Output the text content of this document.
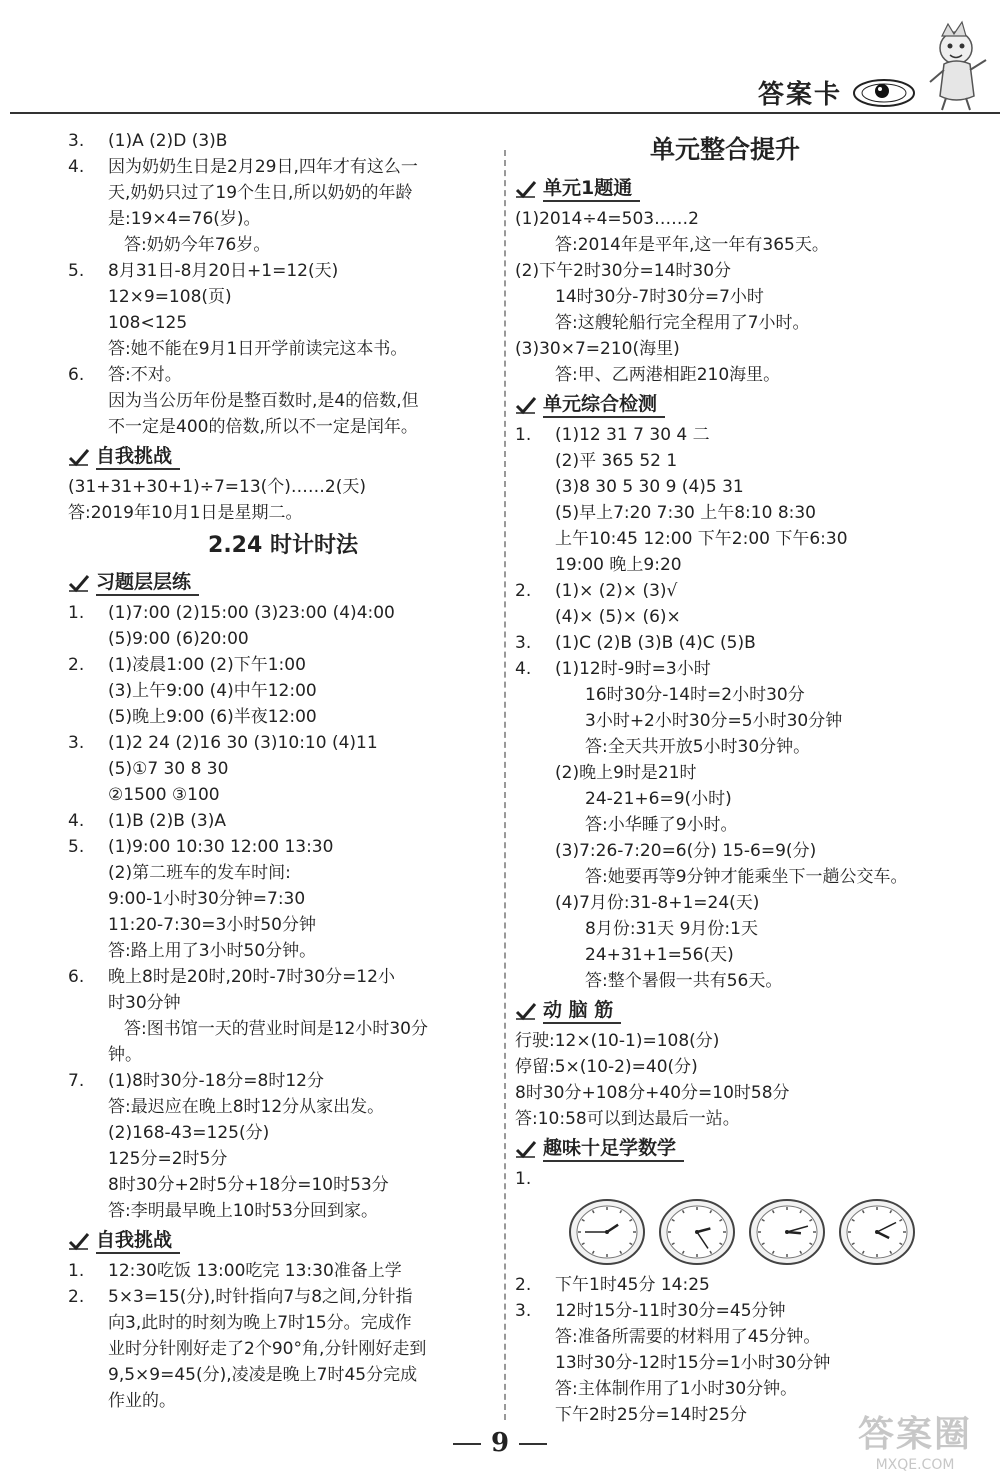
答案卡
3. (1)A (2)D (3)B
4. 因为奶奶生日是2月29日,四年才有这么一
天,奶奶只过了19个生日,所以奶奶的年龄
是:19×4=76(岁)。
答:奶奶今年76岁。
5. 8月31日-8月20日+1=12(天)
12×9=108(页)
108<125
答:她不能在9月1日开学前读完这本书。
6. 答:不对。
因为当公历年份是整百数时,是4的倍数,但
不一定是400的倍数,所以不一定是闰年。
自我挑战
(31+31+30+1)÷7=13(个)……2(天)
答:2019年10月1日是星期二。
2.24 时计时法
习题层层练
1. (1)7:00 (2)15:00 (3)23:00 (4)4:00
(5)9:00 (6)20:00
2. (1)凌晨1:00 (2)下午1:00
(3)上午9:00 (4)中午12:00
(5)晚上9:00 (6)半夜12:00
3. (1)2 24 (2)16 30 (3)10:10 (4)11
(5)①7 30 8 30
②1500 ③100
4. (1)B (2)B (3)A
5. (1)9:00 10:30 12:00 13:30
(2)第二班车的发车时间:
9:00-1小时30分钟=7:30
11:20-7:30=3小时50分钟
答:路上用了3小时50分钟。
6. 晚上8时是20时,20时-7时30分=12小
时30分钟
答:图书馆一天的营业时间是12小时30分
钟。
7. (1)8时30分-18分=8时12分
答:最迟应在晚上8时12分从家出发。
(2)168-43=125(分)
125分=2时5分
8时30分+2时5分+18分=10时53分
答:李明最早晚上10时53分回到家。
自我挑战
1. 12:30吃饭 13:00吃完 13:30准备上学
2. 5×3=15(分),时针指向7与8之间,分针指
向3,此时的时刻为晚上7时15分。完成作
业时分针刚好走了2个90°角,分针刚好走到
9,5×9=45(分),凌凌是晚上7时45分完成
作业的。
单元整合提升
单元1题通
(1)2014÷4=503……2
答:2014年是平年,这一年有365天。
(2)下午2时30分=14时30分
14时30分-7时30分=7小时
答:这艘轮船行完全程用了7小时。
(3)30×7=210(海里)
答:甲、乙两港相距210海里。
单元综合检测
1. (1)12 31 7 30 4 二
(2)平 365 52 1
(3)8 30 5 30 9 (4)5 31
(5)早上7:20 7:30 上午8:10 8:30
上午10:45 12:00 下午2:00 下午6:30
19:00 晚上9:20
2. (1)× (2)× (3)√
(4)× (5)× (6)×
3. (1)C (2)B (3)B (4)C (5)B
4. (1)12时-9时=3小时
16时30分-14时=2小时30分
3小时+2小时30分=5小时30分钟
答:全天共开放5小时30分钟。
(2)晚上9时是21时
24-21+6=9(小时)
答:小华睡了9小时。
(3)7:26-7:20=6(分) 15-6=9(分)
答:她要再等9分钟才能乘坐下一趟公交车。
(4)7月份:31-8+1=24(天)
8月份:31天 9月份:1天
24+31+1=56(天)
答:整个暑假一共有56天。
动 脑 筋
行驶:12×(10-1)=108(分)
停留:5×(10-2)=40(分)
8时30分+108分+40分=10时58分
答:10:58可以到达最后一站。
趣味十足学数学
1.
2. 下午1时45分 14:25
3. 12时15分-11时30分=45分钟
答:准备所需要的材料用了45分钟。
13时30分-12时15分=1小时30分钟
答:主体制作用了1小时30分钟。
下午2时25分=14时25分
9	答案圈
MXQE.COM
